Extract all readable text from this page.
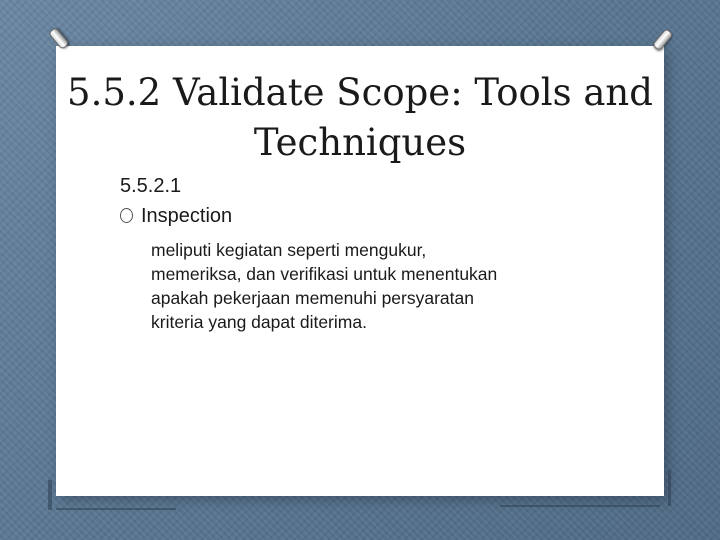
5.5.2 Validate Scope: Tools and
Techniques
5.5.2.1
Inspection
meliputi kegiatan seperti mengukur,
memeriksa, dan verifikasi untuk menentukan
apakah pekerjaan memenuhi persyaratan
kriteria yang dapat diterima.
